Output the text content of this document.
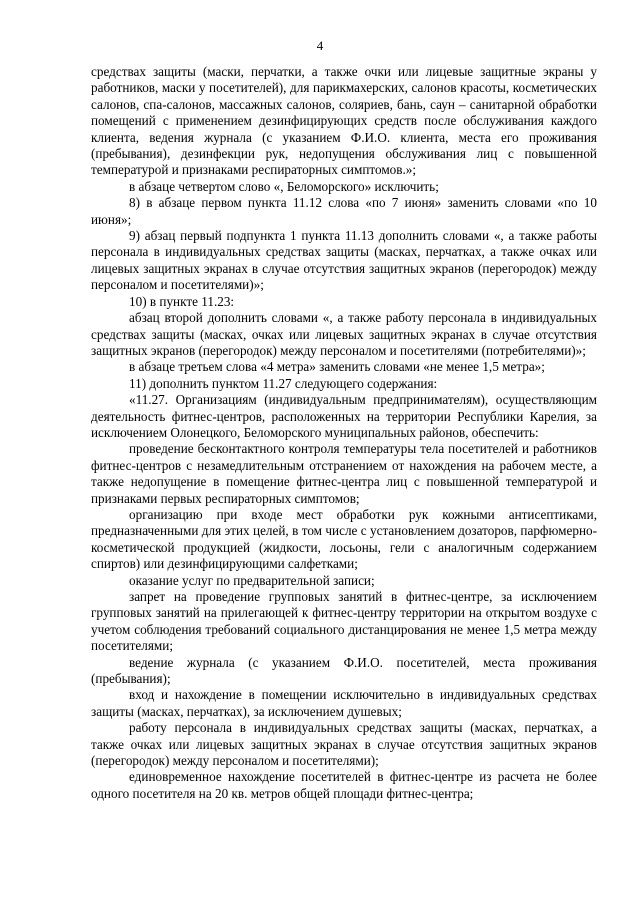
4

средствах защиты (маски, перчатки, а также очки или лицевые защитные экраны у работников, маски у посетителей), для парикмахерских, салонов красоты, косметических салонов, спа-салонов, массажных салонов, соляриев, бань, саун – санитарной обработки помещений с применением дезинфицирующих средств после обслуживания каждого клиента, ведения журнала (с указанием Ф.И.О. клиента, места его проживания (пребывания), дезинфекции рук, недопущения обслуживания лиц с повышенной температурой и признаками респираторных симптомов.»;

в абзаце четвертом слово «, Беломорского» исключить;

8) в абзаце первом пункта 11.12 слова «по 7 июня» заменить словами «по 10 июня»;

9) абзац первый подпункта 1 пункта 11.13 дополнить словами «, а также работы персонала в индивидуальных средствах защиты (масках, перчатках, а также очках или лицевых защитных экранах в случае отсутствия защитных экранов (перегородок) между персоналом и посетителями)»;

10) в пункте 11.23:

абзац второй дополнить словами «, а также работу персонала в индивидуальных средствах защиты (масках, очках или лицевых защитных экранах в случае отсутствия защитных экранов (перегородок) между персоналом и посетителями (потребителями)»;

в абзаце третьем слова «4 метра» заменить словами «не менее 1,5 метра»;

11) дополнить пунктом 11.27 следующего содержания:

«11.27. Организациям (индивидуальным предпринимателям), осуществляющим деятельность фитнес-центров, расположенных на территории Республики Карелия, за исключением Олонецкого, Беломорского муниципальных районов, обеспечить:

проведение бесконтактного контроля температуры тела посетителей и работников фитнес-центров с незамедлительным отстранением от нахождения на рабочем месте, а также недопущение в помещение фитнес-центра лиц с повышенной температурой и признаками первых респираторных симптомов;

организацию при входе мест обработки рук кожными антисептиками, предназначенными для этих целей, в том числе с установлением дозаторов, парфюмерно-косметической продукцией (жидкости, лосьоны, гели с аналогичным содержанием спиртов) или дезинфицирующими салфетками;

оказание услуг по предварительной записи;

запрет на проведение групповых занятий в фитнес-центре, за исключением групповых занятий на прилегающей к фитнес-центру территории на открытом воздухе с учетом соблюдения требований социального дистанцирования не менее 1,5 метра между посетителями;

ведение журнала (с указанием Ф.И.О. посетителей, места проживания (пребывания);

вход и нахождение в помещении исключительно в индивидуальных средствах защиты (масках, перчатках), за исключением душевых;

работу персонала в индивидуальных средствах защиты (масках, перчатках, а также очках или лицевых защитных экранах в случае отсутствия защитных экранов (перегородок) между персоналом и посетителями);

единовременное нахождение посетителей в фитнес-центре из расчета не более одного посетителя на 20 кв. метров общей площади фитнес-центра;
